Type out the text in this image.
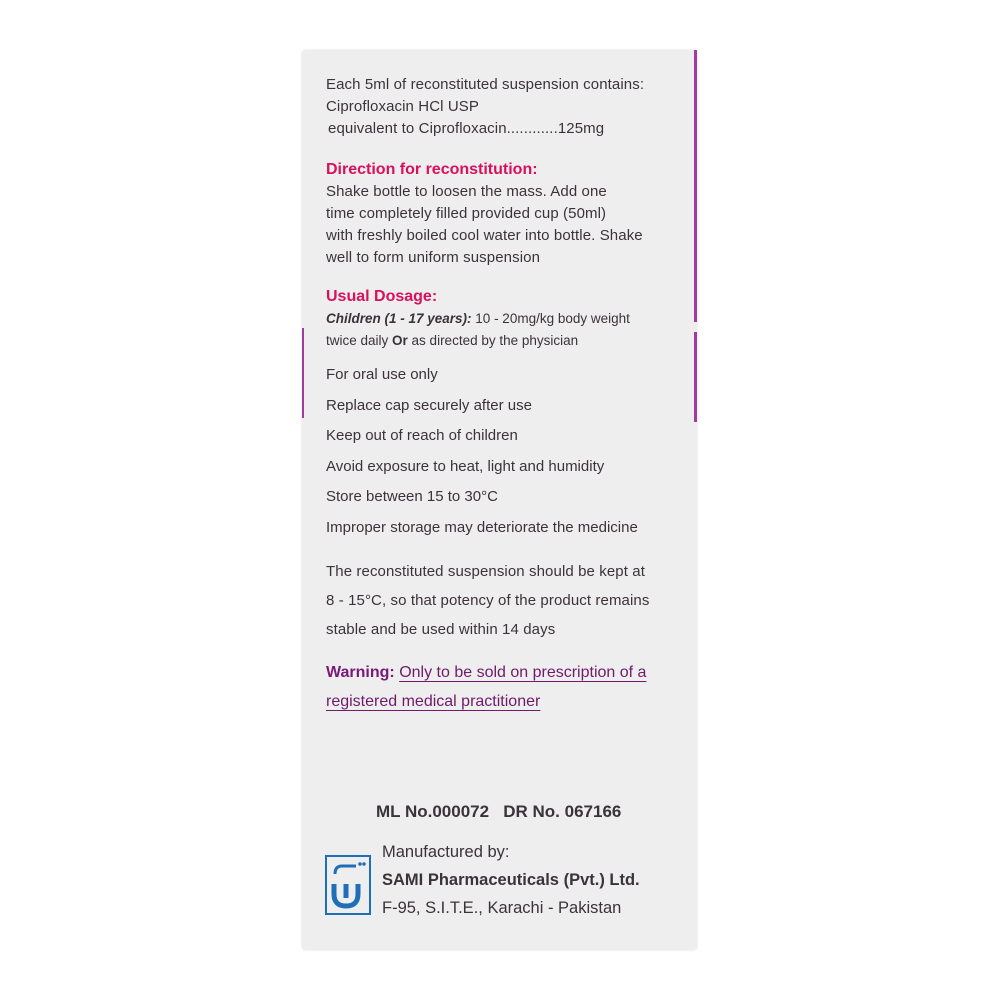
Each 5ml of reconstituted suspension contains:

Ciprofloxacin HCl USP

equivalent to Ciprofloxacin............125mg

Direction for reconstitution:

Shake bottle to loosen the mass. Add one

time completely filled provided cup (50ml)

with freshly boiled cool water into bottle. Shake

well to form uniform suspension

Usual Dosage:

Children (1 - 17 years): 10 - 20mg/kg body weight

twice daily Or as directed by the physician

For oral use only

Replace cap securely after use

Keep out of reach of children

Avoid exposure to heat, light and humidity

Store between 15 to 30°C

Improper storage may deteriorate the medicine

The reconstituted suspension should be kept at

8 - 15°C, so that potency of the product remains

stable and be used within 14 days

Warning: Only to be sold on prescription of a

registered medical practitioner

ML No.000072   DR No. 067166
Manufactured by:
SAMI Pharmaceuticals (Pvt.) Ltd.
F-95, S.I.T.E., Karachi - Pakistan
